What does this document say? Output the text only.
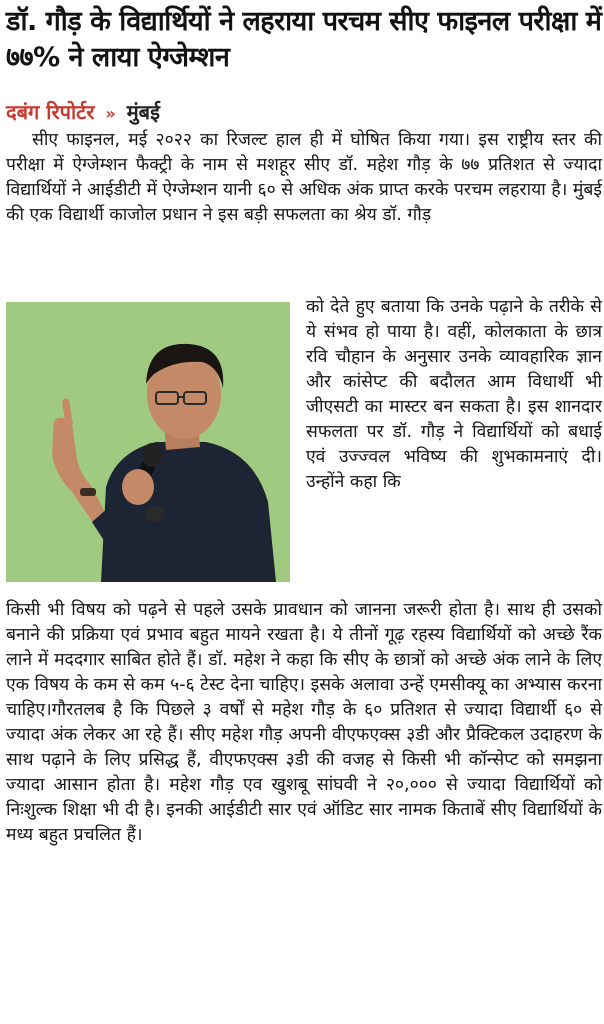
डॉ. गौड़ के विद्यार्थियों ने लहराया परचम सीए फाइनल परीक्षा में ७७% ने लाया ऐग्जेम्शन
दबंग रिपोर्टर » मुंबई

सीए फाइनल, मई २०२२ का रिजल्ट हाल ही में घोषित किया गया। इस राष्ट्रीय स्तर की परीक्षा में ऐग्जेम्शन फैक्ट्री के नाम से मशहूर सीए डॉ. महेश गौड़ के ७७ प्रतिशत से ज्यादा विद्यार्थियों ने आईडीटी में ऐग्जेम्शन यानी ६० से अधिक अंक प्राप्त करके परचम लहराया है। मुंबई की एक विद्यार्थी काजोल प्रधान ने इस बड़ी सफलता का श्रेय डॉ. गौड़

को देते हुए बताया कि उनके पढ़ाने के तरीके से ये संभव हो पाया है। वहीं, कोलकाता के छात्र रवि चौहान के अनुसार उनके व्यावहारिक ज्ञान और कांसेप्ट की बदौलत आम विधार्थी भी जीएसटी का मास्टर बन सकता है। इस शानदार सफलता पर डॉ. गौड़ ने विद्यार्थियों को बधाई एवं उज्ज्वल भविष्य की शुभकामनाएं दी। उन्होंने कहा कि

किसी भी विषय को पढ़ने से पहले उसके प्रावधान को जानना जरूरी होता है। साथ ही उसको बनाने की प्रक्रिया एवं प्रभाव बहुत मायने रखता है। ये तीनों गूढ़ रहस्य विद्यार्थियों को अच्छे रैंक लाने में मददगार साबित होते हैं। डॉ. महेश ने कहा कि सीए के छात्रों को अच्छे अंक लाने के लिए एक विषय के कम से कम ५-६ टेस्ट देना चाहिए। इसके अलावा उन्हें एमसीक्यू का अभ्यास करना चाहिए।गौरतलब है कि पिछले ३ वर्षों से महेश गौड़ के ६० प्रतिशत से ज्यादा विद्यार्थी ६० से ज्यादा अंक लेकर आ रहे हैं। सीए महेश गौड़ अपनी वीएफएक्स ३डी और प्रैक्टिकल उदाहरण के साथ पढ़ाने के लिए प्रसिद्ध हैं, वीएफएक्स ३डी की वजह से किसी भी कॉन्सेप्ट को समझना ज्यादा आसान होता है। महेश गौड़ एव खुशबू सांघवी ने २०,००० से ज्यादा विद्यार्थियों को निःशुल्क शिक्षा भी दी है। इनकी आईडीटी सार एवं ऑडिट सार नामक किताबें सीए विद्यार्थियों के मध्य बहुत प्रचलित हैं।
